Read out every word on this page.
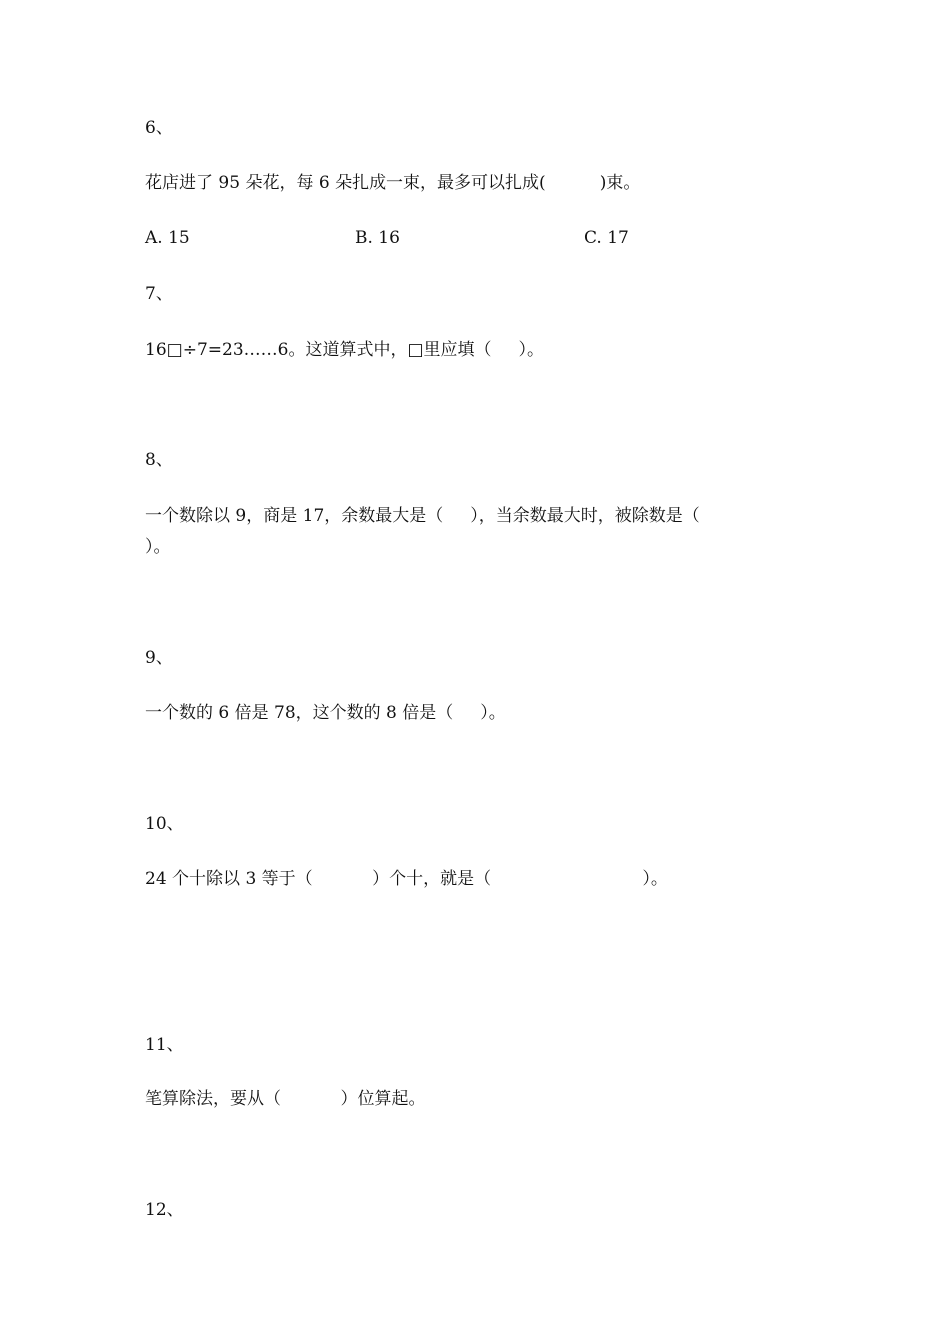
6、
花店进了 95 朵花，每 6 朵扎成一束，最多可以扎成(          )束。
A. 15	B. 16	C. 17
7、
16□÷7=23……6。这道算式中，□里应填（     ）。
8、
一个数除以 9，商是 17，余数最大是（     ），当余数最大时，被除数是（
）。
9、
一个数的 6 倍是 78，这个数的 8 倍是（     ）。
10、
24 个十除以 3 等于（           ）个十，就是（                            ）。
11、
笔算除法，要从（           ）位算起。
12、
